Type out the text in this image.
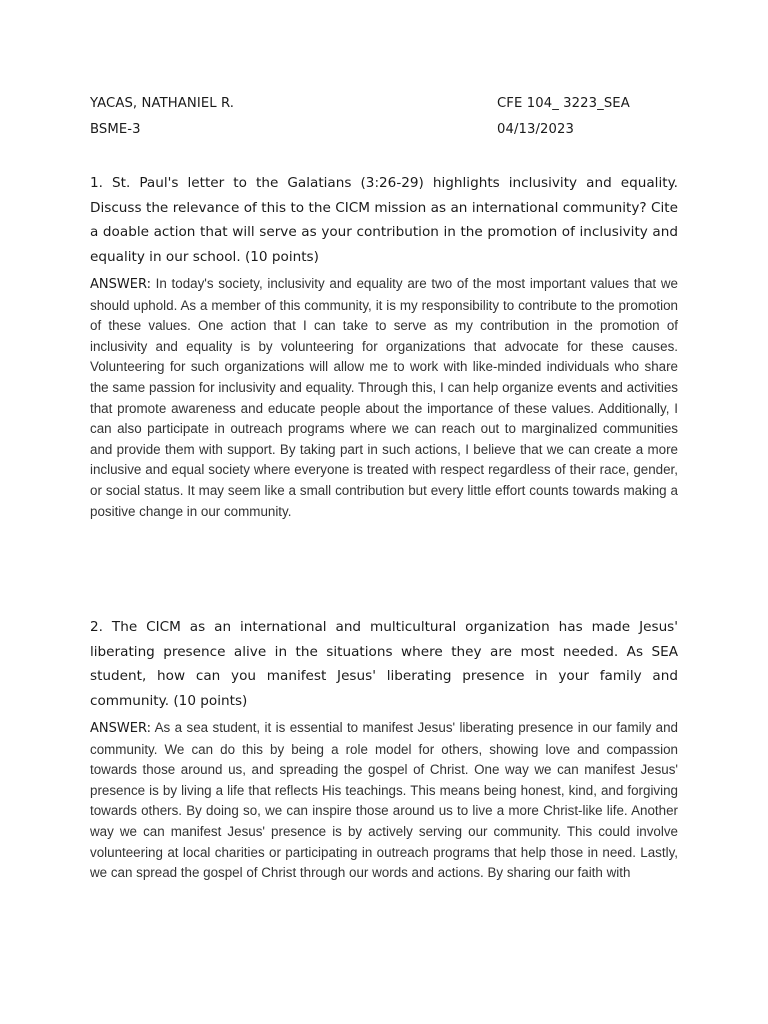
YACAS, NATHANIEL R.	CFE 104_ 3223_SEA
BSME-3	04/13/2023
1. St. Paul's letter to the Galatians (3:26-29) highlights inclusivity and equality. Discuss the relevance of this to the CICM mission as an international community? Cite a doable action that will serve as your contribution in the promotion of inclusivity and equality in our school. (10 points)
ANSWER: In today's society, inclusivity and equality are two of the most important values that we should uphold. As a member of this community, it is my responsibility to contribute to the promotion of these values. One action that I can take to serve as my contribution in the promotion of inclusivity and equality is by volunteering for organizations that advocate for these causes. Volunteering for such organizations will allow me to work with like-minded individuals who share the same passion for inclusivity and equality. Through this, I can help organize events and activities that promote awareness and educate people about the importance of these values. Additionally, I can also participate in outreach programs where we can reach out to marginalized communities and provide them with support. By taking part in such actions, I believe that we can create a more inclusive and equal society where everyone is treated with respect regardless of their race, gender, or social status. It may seem like a small contribution but every little effort counts towards making a positive change in our community.
2. The CICM as an international and multicultural organization has made Jesus' liberating presence alive in the situations where they are most needed. As SEA student, how can you manifest Jesus' liberating presence in your family and community. (10 points)
ANSWER: As a sea student, it is essential to manifest Jesus' liberating presence in our family and community. We can do this by being a role model for others, showing love and compassion towards those around us, and spreading the gospel of Christ. One way we can manifest Jesus' presence is by living a life that reflects His teachings. This means being honest, kind, and forgiving towards others. By doing so, we can inspire those around us to live a more Christ-like life. Another way we can manifest Jesus' presence is by actively serving our community. This could involve volunteering at local charities or participating in outreach programs that help those in need. Lastly, we can spread the gospel of Christ through our words and actions. By sharing our faith with
